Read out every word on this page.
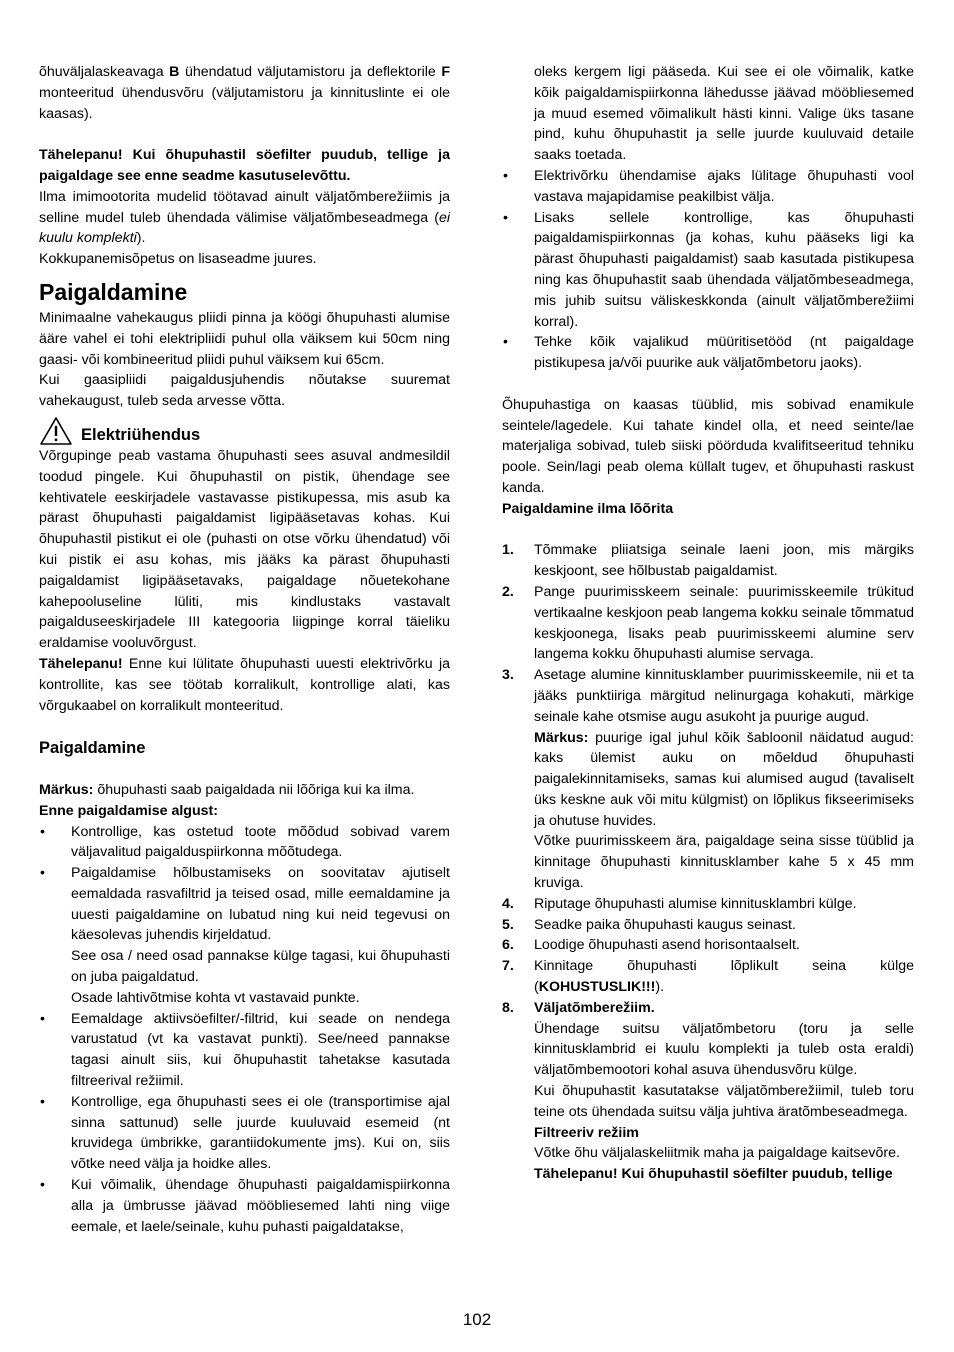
õhuväljalaskeavaga B ühendatud väljutamistoru ja deflektorile F monteeritud ühendusvõru (väljutamistoru ja kinnituslinte ei ole kaasas).

Tähelepanu! Kui õhupuhastil söefilter puudub, tellige ja paigaldage see enne seadme kasutuselevõttu.

Ilma imimootorita mudelid töötavad ainult väljatõmberežiimis ja selline mudel tuleb ühendada välimise väljatõmbeseadmega (ei kuulu komplekti).

Kokkupanemisõpetus on lisaseadme juures.

Paigaldamine

Minimaalne vahekaugus pliidi pinna ja köögi õhupuhasti alumise ääre vahel ei tohi elektripliidi puhul olla väiksem kui 50cm ning gaasi- või kombineeritud pliidi puhul väiksem kui 65cm.

Kui gaasipliidi paigaldusjuhendis nõutakse suuremat vahekaugust, tuleb seda arvesse võtta.

Elektriühendus

Võrgupinge peab vastama õhupuhasti sees asuval andmesildil toodud pingele. Kui õhupuhastil on pistik, ühendage see kehtivatele eeskirjadele vastavasse pistikupessa, mis asub ka pärast õhupuhasti paigaldamist ligipääsetavas kohas. Kui õhupuhastil pistikut ei ole (puhasti on otse võrku ühendatud) või kui pistik ei asu kohas, mis jääks ka pärast õhupuhasti paigaldamist ligipääsetavaks, paigaldage nõuetekohane kahepooluseline lüliti, mis kindlustaks vastavalt paigalduseeskirjadele III kategooria liigpinge korral täieliku eraldamise vooluvõrgust.

Tähelepanu! Enne kui lülitate õhupuhasti uuesti elektrivõrku ja kontrollite, kas see töötab korralikult, kontrollige alati, kas võrgukaabel on korralikult monteeritud.

Paigaldamine

Märkus: õhupuhasti saab paigaldada nii lõõriga kui ka ilma.

Enne paigaldamise algust:

• Kontrollige, kas ostetud toote mõõdud sobivad varem väljavalitud paigalduspiirkonna mõõtudega.
• Paigaldamise hõlbustamiseks on soovitatav ajutiselt eemaldada rasvafiltrid ja teised osad, mille eemaldamine ja uuesti paigaldamine on lubatud ning kui neid tegevusi on käesolevas juhendis kirjeldatud.
See osa / need osad pannakse külge tagasi, kui õhupuhasti on juba paigaldatud.
Osade lahtivõtmise kohta vt vastavaid punkte.
• Eemaldage aktiivsöefilter/-filtrid, kui seade on nendega varustatud (vt ka vastavat punkti). See/need pannakse tagasi ainult siis, kui õhupuhastit tahetakse kasutada filtreerival režiimil.
• Kontrollige, ega õhupuhasti sees ei ole (transportimise ajal sinna sattunud) selle juurde kuuluvaid esemeid (nt kruvidega ümbrikke, garantiidokumente jms). Kui on, siis võtke need välja ja hoidke alles.
• Kui võimalik, ühendage õhupuhasti paigaldamispiirkonna alla ja ümbrusse jäävad mööbliesemed lahti ning viige eemale, et laele/seinale, kuhu puhasti paigaldatakse,

oleks kergem ligi pääseda. Kui see ei ole võimalik, katke kõik paigaldamispiirkonna lähedusse jäävad mööbliesemed ja muud esemed võimalikult hästi kinni. Valige üks tasane pind, kuhu õhupuhastit ja selle juurde kuuluvaid detaile saaks toetada.

• Elektrivõrku ühendamise ajaks lülitage õhupuhasti vool vastava majapidamise peakilbist välja.
• Lisaks sellele kontrollige, kas õhupuhasti paigaldamispiirkonnas (ja kohas, kuhu pääseks ligi ka pärast õhupuhasti paigaldamist) saab kasutada pistikupesa ning kas õhupuhastit saab ühendada väljatõmbeseadmega, mis juhib suitsu väliskeskkonda (ainult väljatõmberežiimi korral).
• Tehke kõik vajalikud müüritisetööd (nt paigaldage pistikupesa ja/või puurike auk väljatõmbetoru jaoks).

Õhupuhastiga on kaasas tüüblid, mis sobivad enamikule seintele/lagedele. Kui tahate kindel olla, et need seinte/lae materjaliga sobivad, tuleb siiski pöörduda kvalifitseeritud tehniku poole. Sein/lagi peab olema küllalt tugev, et õhupuhasti raskust kanda.

Paigaldamine ilma lõõrita

1. Tõmmake pliiatsiga seinale laeni joon, mis märgiks keskjoont, see hõlbustab paigaldamist.
2. Pange puurimisskeem seinale: puurimisskeemile trükitud vertikaalne keskjoon peab langema kokku seinale tõmmatud keskjoonega, lisaks peab puurimisskeemi alumine serv langema kokku õhupuhasti alumise servaga.
3. Asetage alumine kinnitusklamber puurimisskeemile, nii et ta jääks punktiiriga märgitud nelinurgaga kohakuti, märkige seinale kahe otsmise augu asukoht ja puurige augud.
Märkus: puurige igal juhul kõik šabloonil näidatud augud: kaks ülemist auku on mõeldud õhupuhasti paigalekinnitamiseks, samas kui alumised augud (tavaliselt üks keskne auk või mitu külgmist) on lõplikus fikseerimiseks ja ohutuse huvides.
Võtke puurimisskeem ära, paigaldage seina sisse tüüblid ja kinnitage õhupuhasti kinnitusklamber kahe 5 x 45 mm kruviga.
4. Riputage õhupuhasti alumise kinnitusklambri külge.
5. Seadke paika õhupuhasti kaugus seinast.
6. Loodige õhupuhasti asend horisontaalselt.
7. Kinnitage õhupuhasti lõplikult seina külge (KOHUSTUSLIK!!!).
8. Väljatõmberežiim.
Ühendage suitsu väljatõmbetoru (toru ja selle kinnitusklambrid ei kuulu komplekti ja tuleb osta eraldi) väljatõmbemootori kohal asuva ühendusvõru külge.
Kui õhupuhastit kasutatakse väljatõmberežiimil, tuleb toru teine ots ühendada suitsu välja juhtiva äratõmbeseadmega.
Filtreeriv režiim
Võtke õhu väljalaskeliitmik maha ja paigaldage kaitsevõre.
Tähelepanu! Kui õhupuhastil söefilter puudub, tellige
102
